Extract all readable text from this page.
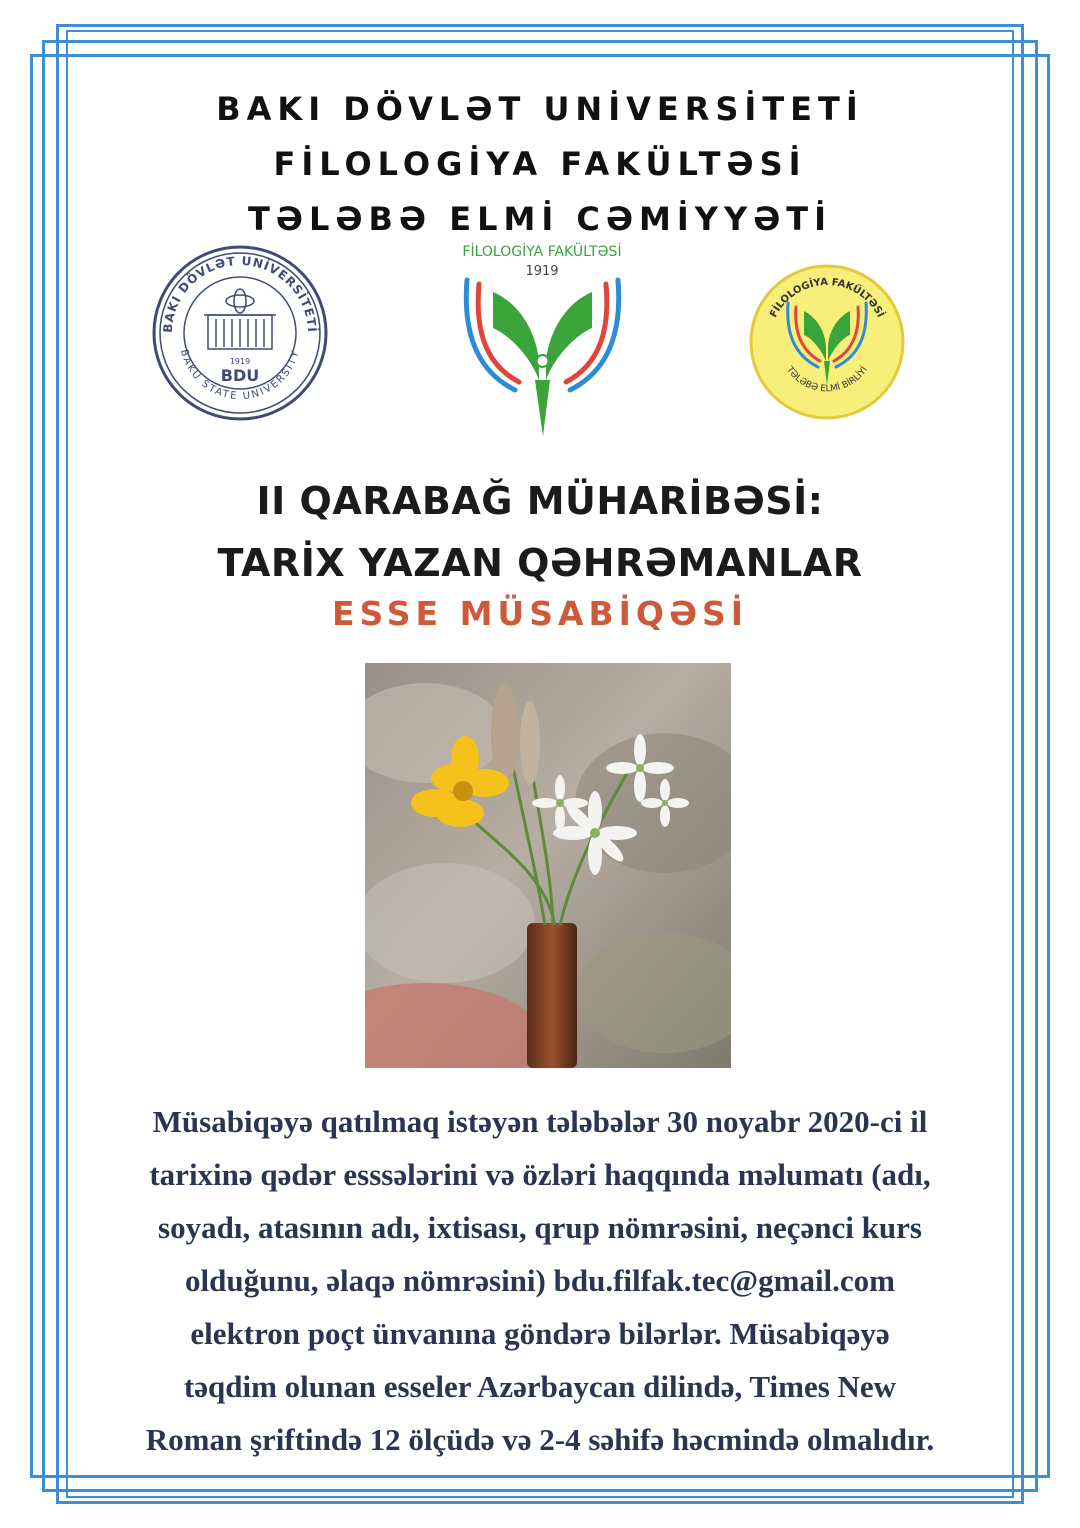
BAKI DÖVLƏT UNİVERSİTETİ
FİLOLOGİYA FAKÜLTƏSİ
TƏLƏBƏ ELMİ CƏMİYYƏTİ
BAKI DÖVLƏT UNİVERSİTETİ
BAKU STATE UNIVERSITY
1919
BDU
FİLOLOGİYA FAKÜLTƏSİ
1919
FİLOLOGİYA FAKÜLTƏSİ
TƏLƏBƏ ELMİ BİRLİYİ
II QARABAĞ MÜHARİBƏSİ:
TARİX YAZAN QƏHRƏMANLAR
ESSE MÜSABİQƏSİ
Müsabiqəyə qatılmaq istəyən tələbələr 30 noyabr 2020-ci il
tarixinə qədər esssələrini və özləri haqqında məlumatı (adı,
soyadı, atasının adı, ixtisası, qrup nömrəsini, neçənci kurs
olduğunu, əlaqə nömrəsini) bdu.filfak.tec@gmail.com
elektron poçt ünvanına göndərə bilərlər. Müsabiqəyə
təqdim olunan esseler Azərbaycan dilində, Times New
Roman şriftində 12 ölçüdə və 2-4 səhifə həcmində olmalıdır.
